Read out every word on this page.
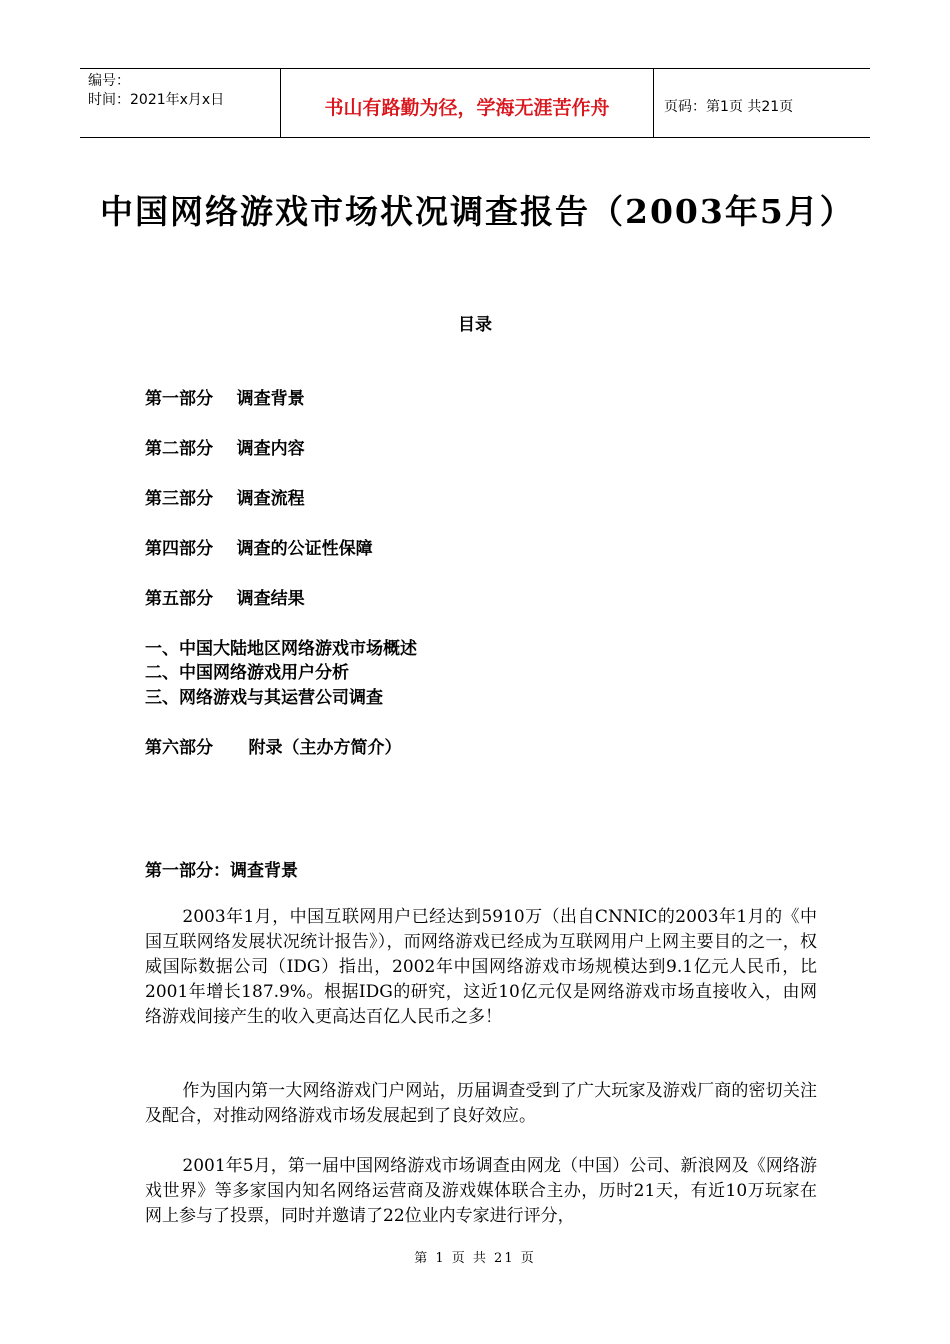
编号：
时间：2021年x月x日	书山有路勤为径，学海无涯苦作舟	页码：第1页 共21页
中国网络游戏市场状况调查报告（2003年5月）
目录
第一部分    调查背景
第二部分    调查内容
第三部分    调查流程
第四部分    调查的公证性保障
第五部分    调查结果
一、中国大陆地区网络游戏市场概述
二、中国网络游戏用户分析
三、网络游戏与其运营公司调查
第六部分      附录（主办方简介）
第一部分：调查背景
2003年1月，中国互联网用户已经达到5910万（出自CNNIC的2003年1月的《中国互联网络发展状况统计报告》），而网络游戏已经成为互联网用户上网主要目的之一，权威国际数据公司（IDG）指出，2002年中国网络游戏市场规模达到9.1亿元人民币，比2001年增长187.9%。根据IDG的研究，这近10亿元仅是网络游戏市场直接收入，由网络游戏间接产生的收入更高达百亿人民币之多！
作为国内第一大网络游戏门户网站，历届调查受到了广大玩家及游戏厂商的密切关注及配合，对推动网络游戏市场发展起到了良好效应。
2001年5月，第一届中国网络游戏市场调查由网龙（中国）公司、新浪网及《网络游戏世界》等多家国内知名网络运营商及游戏媒体联合主办，历时21天，有近10万玩家在网上参与了投票，同时并邀请了22位业内专家进行评分，
第 1 页 共 21 页
